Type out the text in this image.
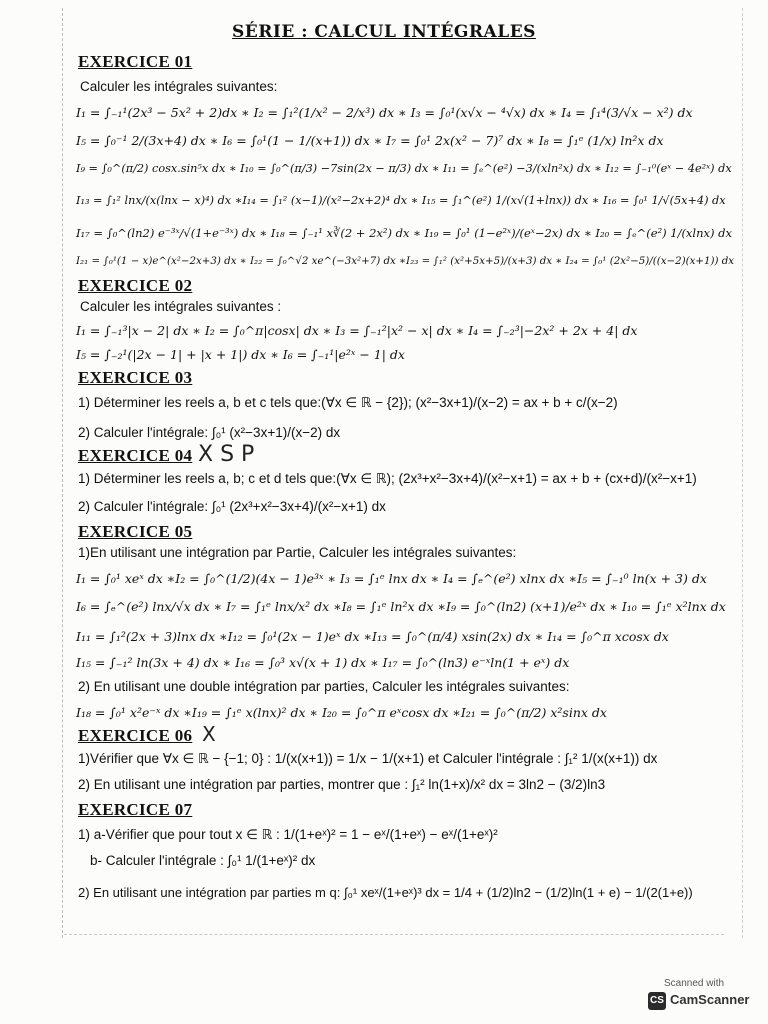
SÉRIE : CALCUL INTÉGRALES
EXERCICE 01
Calculer les intégrales suivantes:
I₁ = ∫₋₁¹(2x³ − 5x² + 2)dx ∗ I₂ = ∫₁²(1/x² − 2/x³) dx ∗ I₃ = ∫₀¹(x√x − ⁴√x) dx ∗ I₄ = ∫₁⁴(3/√x − x²) dx
I₅ = ∫₀⁻¹ 2/(3x+4) dx ∗ I₆ = ∫₀¹(1 − 1/(x+1)) dx ∗ I₇ = ∫₀¹ 2x(x² − 7)⁷ dx ∗ I₈ = ∫₁ᵉ (1/x) ln²x dx
I₉ = ∫₀^(π/2) cosx.sin⁵x dx ∗ I₁₀ = ∫₀^(π/3) −7sin(2x − π/3) dx ∗ I₁₁ = ∫ₑ^(e²) −3/(xln²x) dx ∗ I₁₂ = ∫₋₁⁰(eˣ − 4e²ˣ) dx
I₁₃ = ∫₁² lnx/(x(lnx − x)⁴) dx ∗I₁₄ = ∫₁² (x−1)/(x²−2x+2)⁴ dx ∗ I₁₅ = ∫₁^(e²) 1/(x√(1+lnx)) dx ∗ I₁₆ = ∫₀¹ 1/√(5x+4) dx
I₁₇ = ∫₀^(ln2) e⁻³ˣ/√(1+e⁻³ˣ) dx ∗ I₁₈ = ∫₋₁¹ x∛(2 + 2x²) dx ∗ I₁₉ = ∫₀¹ (1−e²ˣ)/(eˣ−2x) dx ∗ I₂₀ = ∫ₑ^(e²) 1/(xlnx) dx
I₂₁ = ∫₀¹(1 − x)e^(x²−2x+3) dx ∗ I₂₂ = ∫₀^√2 xe^(−3x²+7) dx ∗I₂₃ = ∫₁² (x²+5x+5)/(x+3) dx ∗ I₂₄ = ∫₀¹ (2x²−5)/((x−2)(x+1)) dx
EXERCICE 02
Calculer les intégrales suivantes :
I₁ = ∫₋₁³|x − 2| dx ∗ I₂ = ∫₀^π|cosx| dx ∗ I₃ = ∫₋₁²|x² − x| dx ∗ I₄ = ∫₋₂³|−2x² + 2x + 4| dx
I₅ = ∫₋₂¹(|2x − 1| + |x + 1|) dx ∗ I₆ = ∫₋₁¹|e²ˣ − 1| dx
EXERCICE 03
1) Déterminer les reels a, b et c tels que:(∀x ∈ ℝ − {2}); (x²−3x+1)/(x−2) = ax + b + c/(x−2)
2) Calculer l'intégrale: ∫₀¹ (x²−3x+1)/(x−2) dx
EXERCICE 04 X S P
1) Déterminer les reels a, b; c et d tels que:(∀x ∈ ℝ); (2x³+x²−3x+4)/(x²−x+1) = ax + b + (cx+d)/(x²−x+1)
2) Calculer l'intégrale: ∫₀¹ (2x³+x²−3x+4)/(x²−x+1) dx
EXERCICE 05
1)En utilisant une intégration par Partie, Calculer les intégrales suivantes:
I₁ = ∫₀¹ xeˣ dx ∗I₂ = ∫₀^(1/2)(4x − 1)e³ˣ ∗ I₃ = ∫₁ᵉ lnx dx ∗ I₄ = ∫ₑ^(e²) xlnx dx ∗I₅ = ∫₋₁⁰ ln(x + 3) dx
I₆ = ∫ₑ^(e²) lnx/√x dx ∗ I₇ = ∫₁ᵉ lnx/x² dx ∗I₈ = ∫₁ᵉ ln²x dx ∗I₉ = ∫₀^(ln2) (x+1)/e²ˣ dx ∗ I₁₀ = ∫₁ᵉ x²lnx dx
I₁₁ = ∫₁²(2x + 3)lnx dx ∗I₁₂ = ∫₀¹(2x − 1)eˣ dx ∗I₁₃ = ∫₀^(π/4) xsin(2x) dx ∗ I₁₄ = ∫₀^π xcosx dx
I₁₅ = ∫₋₁² ln(3x + 4) dx ∗ I₁₆ = ∫₀³ x√(x + 1) dx ∗ I₁₇ = ∫₀^(ln3) e⁻ˣln(1 + eˣ) dx
2) En utilisant une double intégration par parties, Calculer les intégrales suivantes:
I₁₈ = ∫₀¹ x²e⁻ˣ dx ∗I₁₉ = ∫₁ᵉ x(lnx)² dx ∗ I₂₀ = ∫₀^π eˣcosx dx ∗I₂₁ = ∫₀^(π/2) x²sinx dx
EXERCICE 06 X
1)Vérifier que ∀x ∈ ℝ − {−1; 0} : 1/(x(x+1)) = 1/x − 1/(x+1) et Calculer l'intégrale : ∫₁² 1/(x(x+1)) dx
2) En utilisant une intégration par parties, montrer que : ∫₁² ln(1+x)/x² dx = 3ln2 − (3/2)ln3
EXERCICE 07
1) a-Vérifier que pour tout x ∈ ℝ : 1/(1+eˣ)² = 1 − eˣ/(1+eˣ) − eˣ/(1+eˣ)²
b- Calculer l'intégrale : ∫₀¹ 1/(1+eˣ)² dx
2) En utilisant une intégration par parties m q: ∫₀¹ xeˣ/(1+eˣ)³ dx = 1/4 + (1/2)ln2 − (1/2)ln(1 + e) − 1/(2(1+e))
Scanned with
CS CamScanner
